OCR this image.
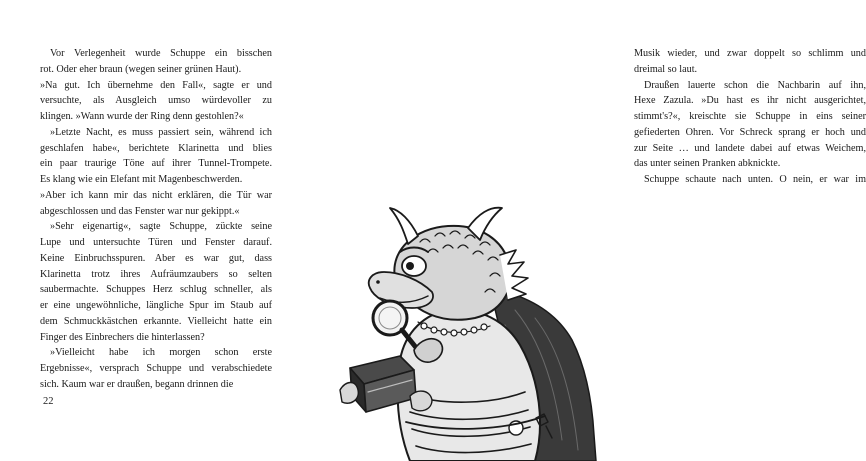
Vor Verlegenheit wurde Schuppe ein bisschen
rot. Oder eher braun (wegen seiner grünen Haut).
»Na gut. Ich übernehme den Fall«, sagte er und
versuchte, als Ausgleich umso würdevoller zu
klingen. »Wann wurde der Ring denn gestohlen?«
»Letzte Nacht, es muss passiert sein, während ich
geschlafen habe«, berichtete Klarinetta und blies
ein paar traurige Töne auf ihrer Tunnel-Trompete.
Es klang wie ein Elefant mit Magenbeschwerden.
»Aber ich kann mir das nicht erklären, die Tür war
abgeschlossen und das Fenster war nur gekippt.«
»Sehr eigenartig«, sagte Schuppe, zückte seine
Lupe und untersuchte Türen und Fenster darauf.
Keine Einbruchsspuren. Aber es war gut, dass
Klarinetta trotz ihres Aufräumzaubers so selten
saubermachte. Schuppes Herz schlug schneller, als
er eine ungewöhnliche, längliche Spur im Staub auf
dem Schmuckkästchen erkannte. Vielleicht hatte ein
Finger des Einbrechers die hinterlassen?
»Vielleicht habe ich morgen schon erste
Ergebnisse«, versprach Schuppe und verabschiedete
sich. Kaum war er draußen, begann drinnen die
22
Musik wieder, und zwar doppelt so schlimm und
dreimal so laut.
Draußen lauerte schon die Nachbarin auf ihn,
Hexe Zazula. »Du hast es ihr nicht ausgerichtet,
stimmt's?«, kreischte sie Schuppe in eins seiner
gefiederten Ohren. Vor Schreck sprang er hoch und
zur Seite … und landete dabei auf etwas Weichem,
das unter seinen Pranken abknickte.
Schuppe schaute nach unten. O nein, er war im
